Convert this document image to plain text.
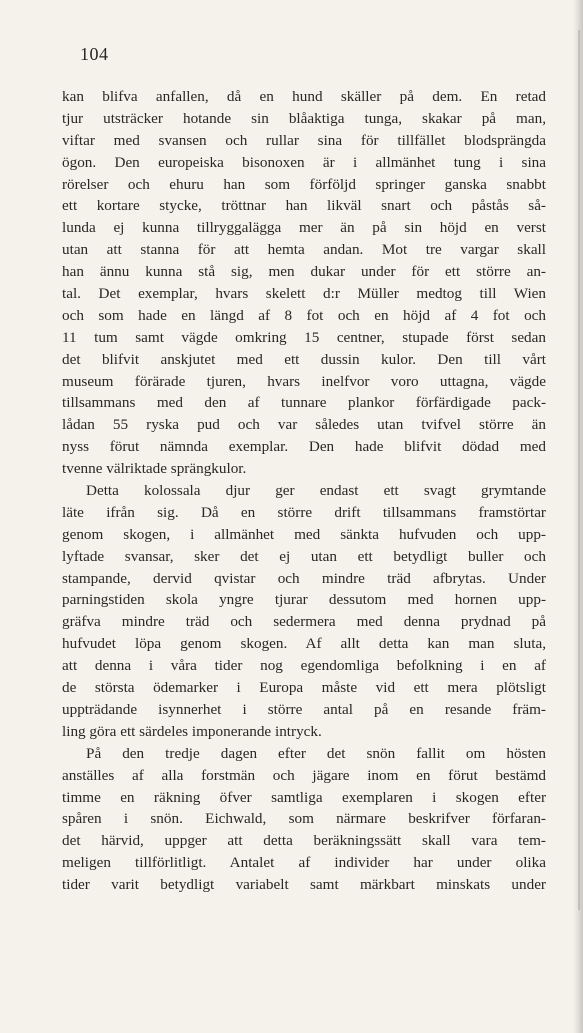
104
kan blifva anfallen, då en hund skäller på dem. En retad
tjur utsträcker hotande sin blåaktiga tunga, skakar på man,
viftar med svansen och rullar sina för tillfället blodsprängda
ögon. Den europeiska bisonoxen är i allmänhet tung i sina
rörelser och ehuru han som förföljd springer ganska snabbt
ett kortare stycke, tröttnar han likväl snart och påstås så-
lunda ej kunna tillryggalägga mer än på sin höjd en verst
utan att stanna för att hemta andan. Mot tre vargar skall
han ännu kunna stå sig, men dukar under för ett större an-
tal. Det exemplar, hvars skelett d:r Müller medtog till Wien
och som hade en längd af 8 fot och en höjd af 4 fot och
11 tum samt vägde omkring 15 centner, stupade först sedan
det blifvit anskjutet med ett dussin kulor. Den till vårt
museum förärade tjuren, hvars inelfvor voro uttagna, vägde
tillsammans med den af tunnare plankor förfärdigade pack-
lådan 55 ryska pud och var således utan tvifvel större än
nyss förut nämnda exemplar. Den hade blifvit dödad med
tvenne välriktade sprängkulor.
Detta kolossala djur ger endast ett svagt grymtande
läte ifrån sig. Då en större drift tillsammans framstörtar
genom skogen, i allmänhet med sänkta hufvuden och upp-
lyftade svansar, sker det ej utan ett betydligt buller och
stampande, dervid qvistar och mindre träd afbrytas. Under
parningstiden skola yngre tjurar dessutom med hornen upp-
gräfva mindre träd och sedermera med denna prydnad på
hufvudet löpa genom skogen. Af allt detta kan man sluta,
att denna i våra tider nog egendomliga befolkning i en af
de största ödemarker i Europa måste vid ett mera plötsligt
uppträdande isynnerhet i större antal på en resande främ-
ling göra ett särdeles imponerande intryck.
På den tredje dagen efter det snön fallit om hösten
anställes af alla forstmän och jägare inom en förut bestämd
timme en räkning öfver samtliga exemplaren i skogen efter
spåren i snön. Eichwald, som närmare beskrifver förfaran-
det härvid, uppger att detta beräkningssätt skall vara tem-
meligen tillförlitligt. Antalet af individer har under olika
tider varit betydligt variabelt samt märkbart minskats under
